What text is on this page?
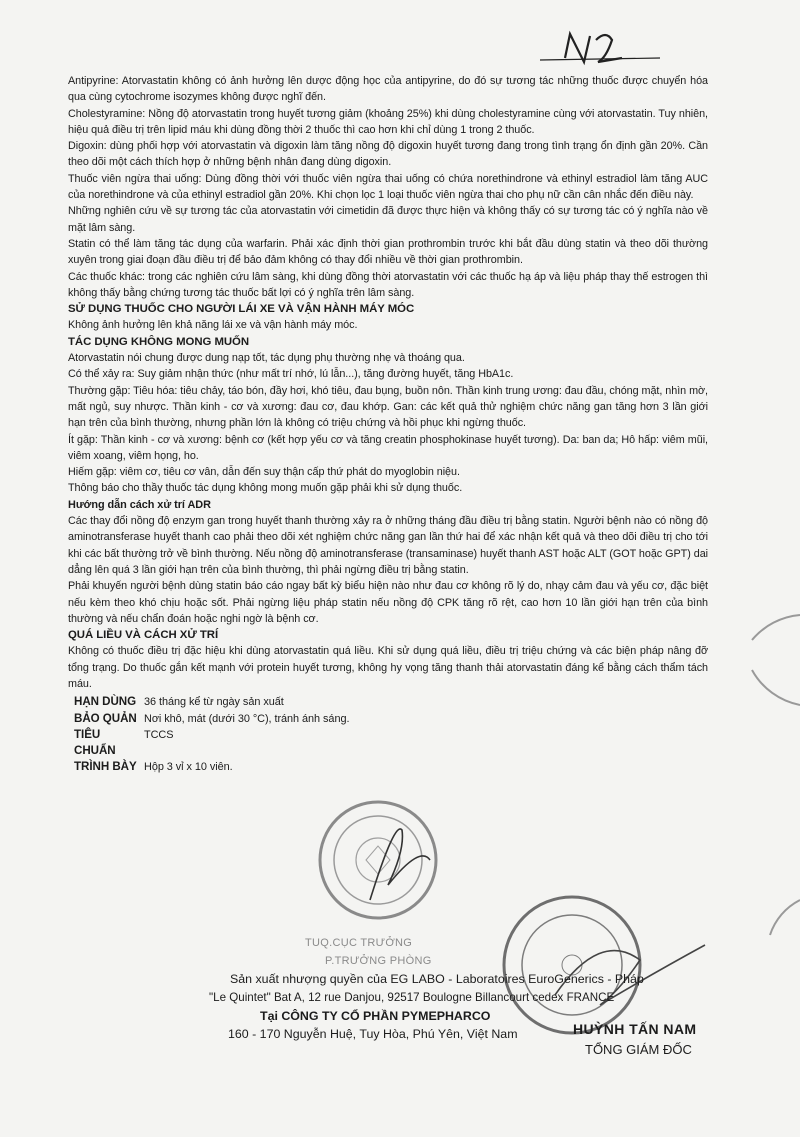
Antipyrine: Atorvastatin không có ảnh hưởng lên dược động học của antipyrine, do đó sự tương tác những thuốc được chuyển hóa qua cùng cytochrome isozymes không được nghĩ đến.

Cholestyramine: Nồng độ atorvastatin trong huyết tương giảm (khoảng 25%) khi dùng cholestyramine cùng với atorvastatin. Tuy nhiên, hiệu quả điều trị trên lipid máu khi dùng đồng thời 2 thuốc thì cao hơn khi chỉ dùng 1 trong 2 thuốc.

Digoxin: dùng phối hợp với atorvastatin và digoxin làm tăng nồng độ digoxin huyết tương đang trong tình trạng ổn định gần 20%. Cần theo dõi một cách thích hợp ở những bệnh nhân đang dùng digoxin.

Thuốc viên ngừa thai uống: Dùng đồng thời với thuốc viên ngừa thai uống có chứa norethindrone và ethinyl estradiol làm tăng AUC của norethindrone và của ethinyl estradiol gần 20%. Khi chọn lọc 1 loại thuốc viên ngừa thai cho phụ nữ cần cân nhắc đến điều này.

Những nghiên cứu về sự tương tác của atorvastatin với cimetidin đã được thực hiện và không thấy có sự tương tác có ý nghĩa nào về mặt lâm sàng.

Statin có thể làm tăng tác dụng của warfarin. Phải xác định thời gian prothrombin trước khi bắt đầu dùng statin và theo dõi thường xuyên trong giai đoạn đầu điều trị để bảo đảm không có thay đổi nhiều về thời gian prothrombin.

Các thuốc khác: trong các nghiên cứu lâm sàng, khi dùng đồng thời atorvastatin với các thuốc hạ áp và liệu pháp thay thế estrogen thì không thấy bằng chứng tương tác thuốc bất lợi có ý nghĩa trên lâm sàng.

SỬ DỤNG THUỐC CHO NGƯỜI LÁI XE VÀ VẬN HÀNH MÁY MÓC

Không ảnh hưởng lên khả năng lái xe và vận hành máy móc.

TÁC DỤNG KHÔNG MONG MUỐN

Atorvastatin nói chung được dung nạp tốt, tác dụng phụ thường nhẹ và thoáng qua.

Có thể xảy ra: Suy giảm nhận thức (như mất trí nhớ, lú lẫn...), tăng đường huyết, tăng HbA1c.

Thường gặp: Tiêu hóa: tiêu chảy, táo bón, đầy hơi, khó tiêu, đau bụng, buồn nôn. Thần kinh trung ương: đau đầu, chóng mặt, nhìn mờ, mất ngủ, suy nhược. Thần kinh - cơ và xương: đau cơ, đau khớp. Gan: các kết quả thử nghiệm chức năng gan tăng hơn 3 lần giới hạn trên của bình thường, nhưng phần lớn là không có triệu chứng và hồi phục khi ngừng thuốc.

Ít gặp: Thần kinh - cơ và xương: bệnh cơ (kết hợp yếu cơ và tăng creatin phosphokinase huyết tương). Da: ban da; Hô hấp: viêm mũi, viêm xoang, viêm họng, ho.

Hiếm gặp: viêm cơ, tiêu cơ vân, dẫn đến suy thận cấp thứ phát do myoglobin niệu.

Thông báo cho thầy thuốc tác dụng không mong muốn gặp phải khi sử dụng thuốc.

Hướng dẫn cách xử trí ADR

Các thay đổi nồng độ enzym gan trong huyết thanh thường xảy ra ở những tháng đầu điều trị bằng statin. Người bệnh nào có nồng độ aminotransferase huyết thanh cao phải theo dõi xét nghiệm chức năng gan lần thứ hai để xác nhận kết quả và theo dõi điều trị cho tới khi các bất thường trở về bình thường. Nếu nồng độ aminotransferase (transaminase) huyết thanh AST hoặc ALT (GOT hoặc GPT) dai dẳng lên quá 3 lần giới hạn trên của bình thường, thì phải ngừng điều trị bằng statin.

Phải khuyến người bệnh dùng statin báo cáo ngay bất kỳ biểu hiện nào như đau cơ không rõ lý do, nhạy cảm đau và yếu cơ, đặc biệt nếu kèm theo khó chịu hoặc sốt. Phải ngừng liệu pháp statin nếu nồng độ CPK tăng rõ rệt, cao hơn 10 lần giới hạn trên của bình thường và nếu chẩn đoán hoặc nghi ngờ là bệnh cơ.

QUÁ LIỀU VÀ CÁCH XỬ TRÍ

Không có thuốc điều trị đặc hiệu khi dùng atorvastatin quá liều. Khi sử dụng quá liều, điều trị triệu chứng và các biện pháp nâng đỡ tổng trạng. Do thuốc gắn kết mạnh với protein huyết tương, không hy vọng tăng thanh thải atorvastatin đáng kể bằng cách thẩm tách máu.

HẠN DÙNG 36 tháng kể từ ngày sản xuất
BẢO QUẢN Nơi khô, mát (dưới 30 °C), tránh ánh sáng.
TIÊU CHUẨN
TCCS
TRÌNH BÀY Hộp 3 vỉ x 10 viên.
TUQ.CỤC TRƯỞNG
P.TRƯỞNG PHÒNG
Sản xuất nhượng quyền của EG LABO - Laboratoires EuroGenerics - Pháp
"Le Quintet" Bat A, 12 rue Danjou, 92517 Boulogne Billancourt cedex FRANCE
Tại CÔNG TY CỔ PHẦN PYMEPHARCO
160 - 170 Nguyễn Huệ, Tuy Hòa, Phú Yên, Việt Nam	HUỲNH TẤN NAM
TỔNG GIÁM ĐỐC
